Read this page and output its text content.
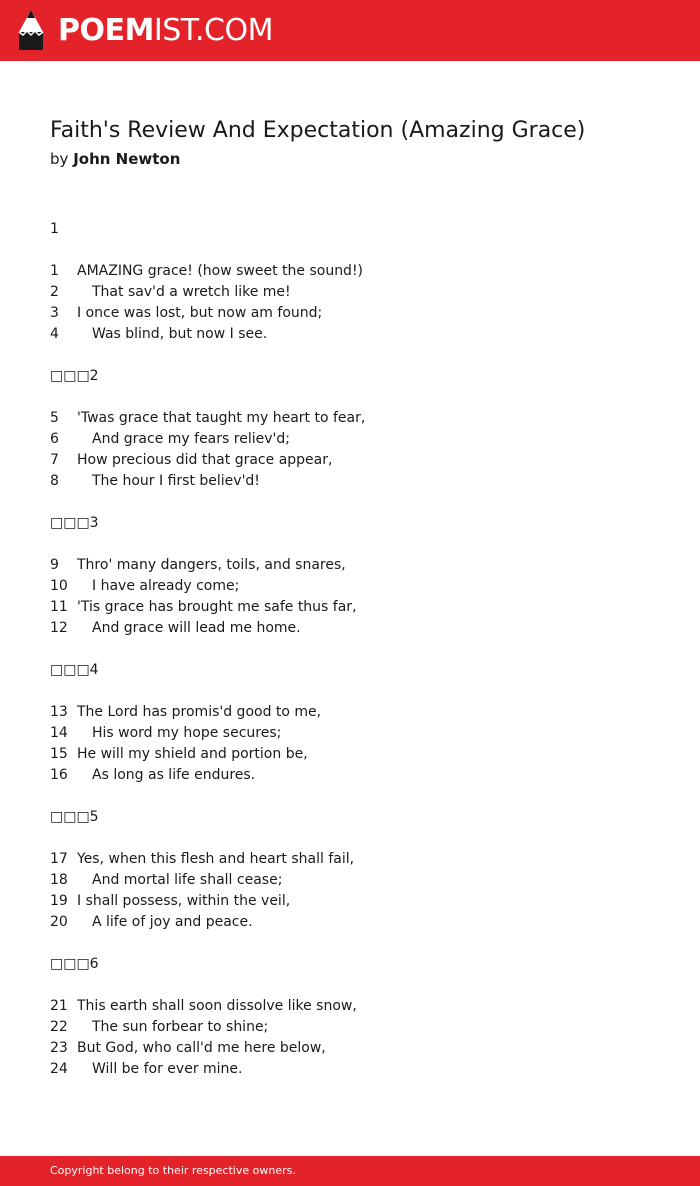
POEMIST.COM
Faith's Review And Expectation (Amazing Grace)
by John Newton
1
1	AMAZING grace! (how sweet the sound!)
2	That sav'd a wretch like me!
3	I once was lost, but now am found;
4	Was blind, but now I see.
□□□2
5	'Twas grace that taught my heart to fear,
6	And grace my fears reliev'd;
7	How precious did that grace appear,
8	The hour I first believ'd!
□□□3
9	Thro' many dangers, toils, and snares,
10	I have already come;
11 'Tis grace has brought me safe thus far,
12	And grace will lead me home.
□□□4
13 The Lord has promis'd good to me,
14	His word my hope secures;
15 He will my shield and portion be,
16	As long as life endures.
□□□5
17 Yes, when this flesh and heart shall fail,
18	And mortal life shall cease;
19 I shall possess, within the veil,
20	A life of joy and peace.
□□□6
21 This earth shall soon dissolve like snow,
22	The sun forbear to shine;
23 But God, who call'd me here below,
24	Will be for ever mine.
Copyright belong to their respective owners.
